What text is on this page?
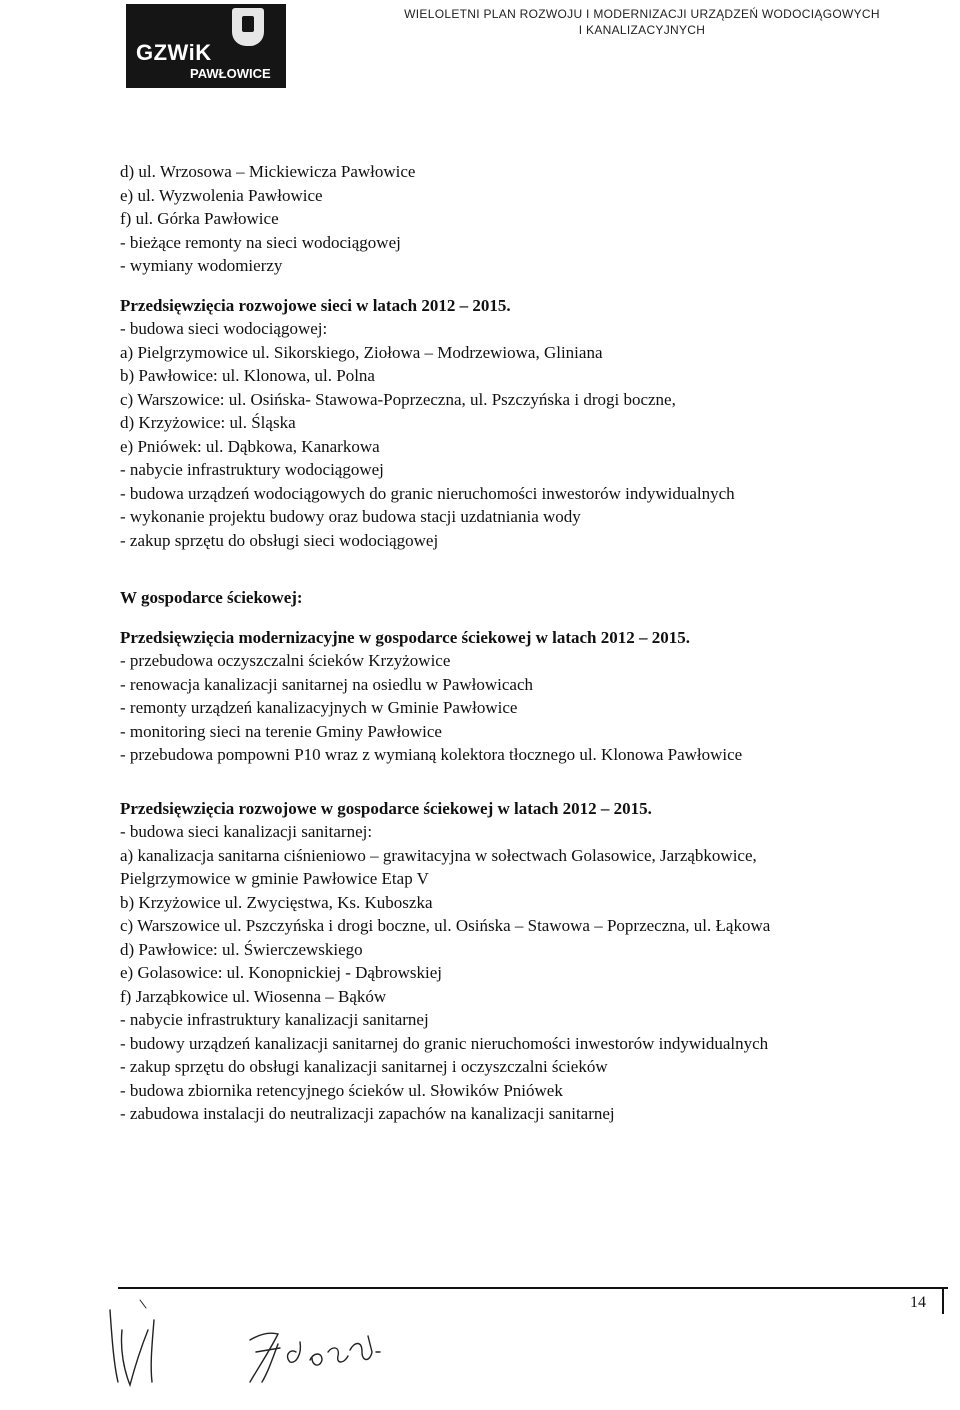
GZWiK
PAWŁOWICE
WIELOLETNI PLAN ROZWOJU I MODERNIZACJI URZĄDZEŃ WODOCIĄGOWYCH
I KANALIZACYJNYCH
d) ul. Wrzosowa – Mickiewicza Pawłowice
e) ul. Wyzwolenia Pawłowice
f) ul. Górka Pawłowice
- bieżące remonty na sieci wodociągowej
- wymiany wodomierzy
Przedsięwzięcia rozwojowe sieci w latach 2012 – 2015.
- budowa sieci wodociągowej:
a) Pielgrzymowice ul. Sikorskiego, Ziołowa – Modrzewiowa, Gliniana
b) Pawłowice: ul. Klonowa, ul. Polna
c) Warszowice: ul. Osińska- Stawowa-Poprzeczna, ul. Pszczyńska i drogi boczne,
d) Krzyżowice: ul. Śląska
e) Pniówek: ul. Dąbkowa, Kanarkowa
- nabycie infrastruktury wodociągowej
- budowa urządzeń wodociągowych do granic nieruchomości inwestorów indywidualnych
- wykonanie projektu budowy oraz budowa stacji uzdatniania wody
- zakup sprzętu do obsługi sieci wodociągowej
W gospodarce ściekowej:
Przedsięwzięcia modernizacyjne w gospodarce ściekowej w latach 2012 – 2015.
- przebudowa oczyszczalni ścieków Krzyżowice
- renowacja kanalizacji sanitarnej na osiedlu w Pawłowicach
- remonty urządzeń kanalizacyjnych w Gminie Pawłowice
- monitoring sieci na terenie Gminy Pawłowice
- przebudowa pompowni P10 wraz z wymianą kolektora tłocznego ul. Klonowa Pawłowice
Przedsięwzięcia rozwojowe w gospodarce ściekowej w latach 2012 – 2015.
- budowa sieci kanalizacji sanitarnej:
a) kanalizacja sanitarna ciśnieniowo – grawitacyjna w sołectwach Golasowice, Jarząbkowice,
Pielgrzymowice w gminie Pawłowice Etap V
b) Krzyżowice ul. Zwycięstwa, Ks. Kuboszka
c) Warszowice ul. Pszczyńska i drogi boczne, ul. Osińska – Stawowa – Poprzeczna, ul. Łąkowa
d) Pawłowice: ul. Świerczewskiego
e) Golasowice: ul. Konopnickiej - Dąbrowskiej
f) Jarząbkowice ul. Wiosenna – Bąków
- nabycie infrastruktury kanalizacji sanitarnej
- budowy urządzeń kanalizacji sanitarnej do granic nieruchomości inwestorów indywidualnych
- zakup sprzętu do obsługi kanalizacji sanitarnej i oczyszczalni ścieków
- budowa zbiornika retencyjnego ścieków ul. Słowików Pniówek
- zabudowa instalacji do neutralizacji zapachów na kanalizacji sanitarnej
14
